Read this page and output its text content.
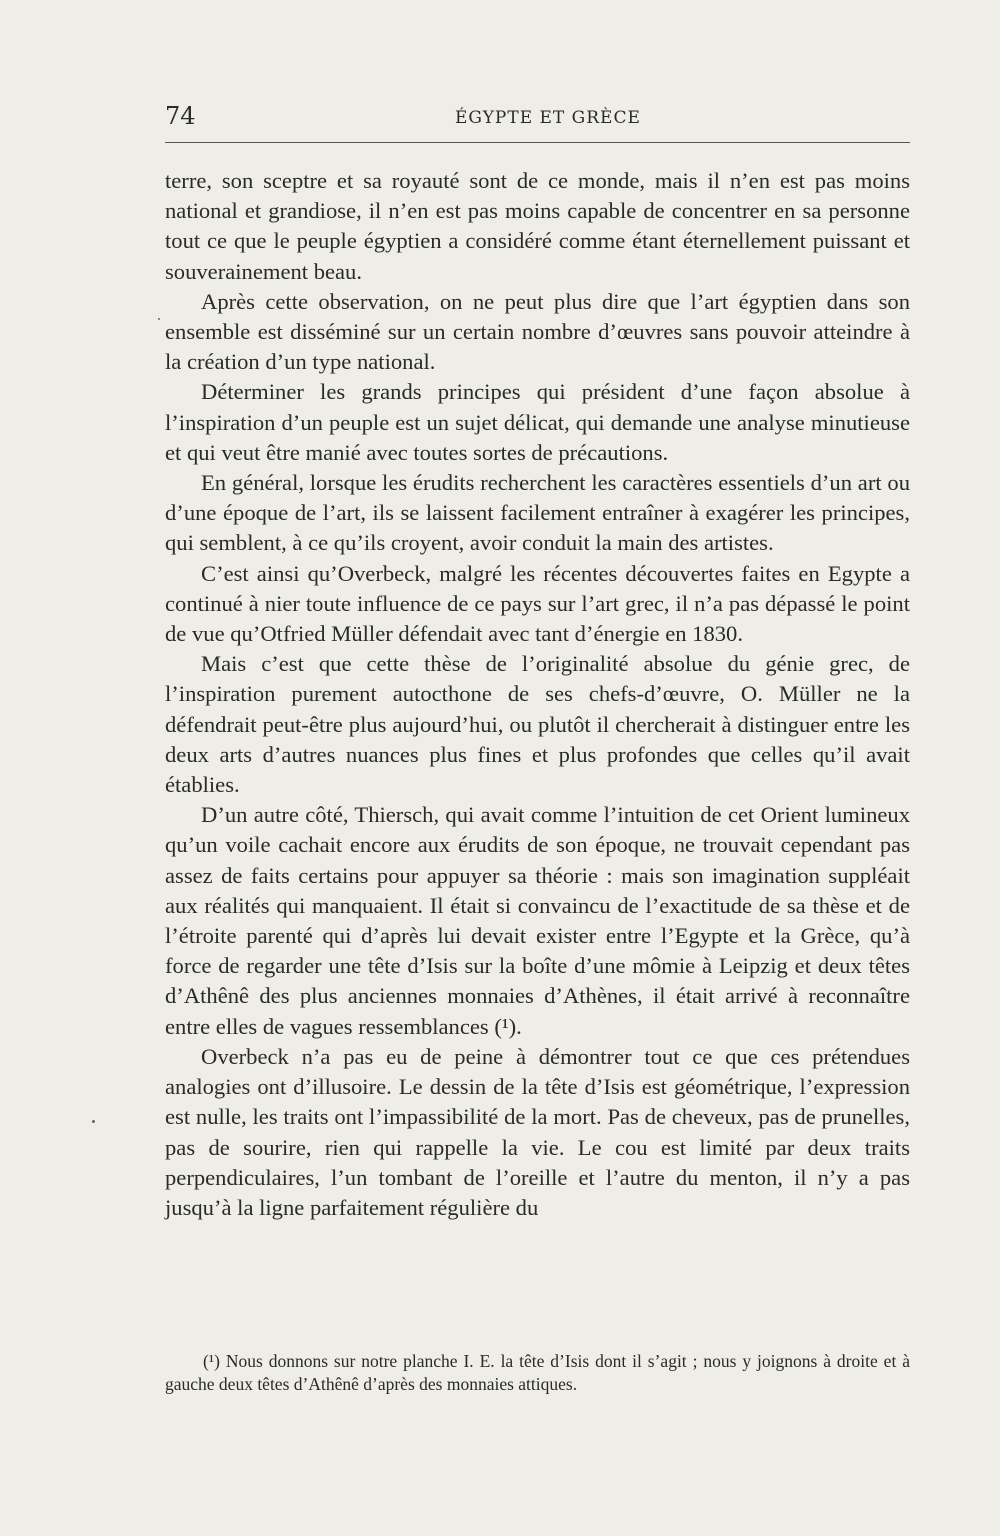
74	ÉGYPTE ET GRÈCE

terre, son sceptre et sa royauté sont de ce monde, mais il n’en est pas moins national et grandiose, il n’en est pas moins capable de concentrer en sa personne tout ce que le peuple égyptien a considéré comme étant éternellement puissant et souverainement beau.

Après cette observation, on ne peut plus dire que l’art égyptien dans son ensemble est disséminé sur un certain nombre d’œuvres sans pouvoir atteindre à la création d’un type national.

Déterminer les grands principes qui président d’une façon absolue à l’inspiration d’un peuple est un sujet délicat, qui demande une analyse minutieuse et qui veut être manié avec toutes sortes de précautions.

En général, lorsque les érudits recherchent les caractères essentiels d’un art ou d’une époque de l’art, ils se laissent facilement entraîner à exagérer les principes, qui semblent, à ce qu’ils croyent, avoir conduit la main des artistes.

C’est ainsi qu’Overbeck, malgré les récentes découvertes faites en Egypte a continué à nier toute influence de ce pays sur l’art grec, il n’a pas dépassé le point de vue qu’Otfried Müller défendait avec tant d’énergie en 1830.

Mais c’est que cette thèse de l’originalité absolue du génie grec, de l’inspiration purement autocthone de ses chefs-d’œuvre, O. Müller ne la défendrait peut-être plus aujourd’hui, ou plutôt il chercherait à distinguer entre les deux arts d’autres nuances plus fines et plus profondes que celles qu’il avait établies.

D’un autre côté, Thiersch, qui avait comme l’intuition de cet Orient lumineux qu’un voile cachait encore aux érudits de son époque, ne trouvait cependant pas assez de faits certains pour appuyer sa théorie : mais son imagination suppléait aux réalités qui manquaient. Il était si convaincu de l’exactitude de sa thèse et de l’étroite parenté qui d’après lui devait exister entre l’Egypte et la Grèce, qu’à force de regarder une tête d’Isis sur la boîte d’une mômie à Leipzig et deux têtes d’Athênê des plus anciennes monnaies d’Athènes, il était arrivé à reconnaître entre elles de vagues ressemblances (¹).

Overbeck n’a pas eu de peine à démontrer tout ce que ces prétendues analogies ont d’illusoire. Le dessin de la tête d’Isis est géométrique, l’expression est nulle, les traits ont l’impassibilité de la mort. Pas de cheveux, pas de prunelles, pas de sourire, rien qui rappelle la vie. Le cou est limité par deux traits perpendiculaires, l’un tombant de l’oreille et l’autre du menton, il n’y a pas jusqu’à la ligne parfaitement régulière du

(¹) Nous donnons sur notre planche I. E. la tête d’Isis dont il s’agit ; nous y joignons à droite et à gauche deux têtes d’Athênê d’après des monnaies attiques.
